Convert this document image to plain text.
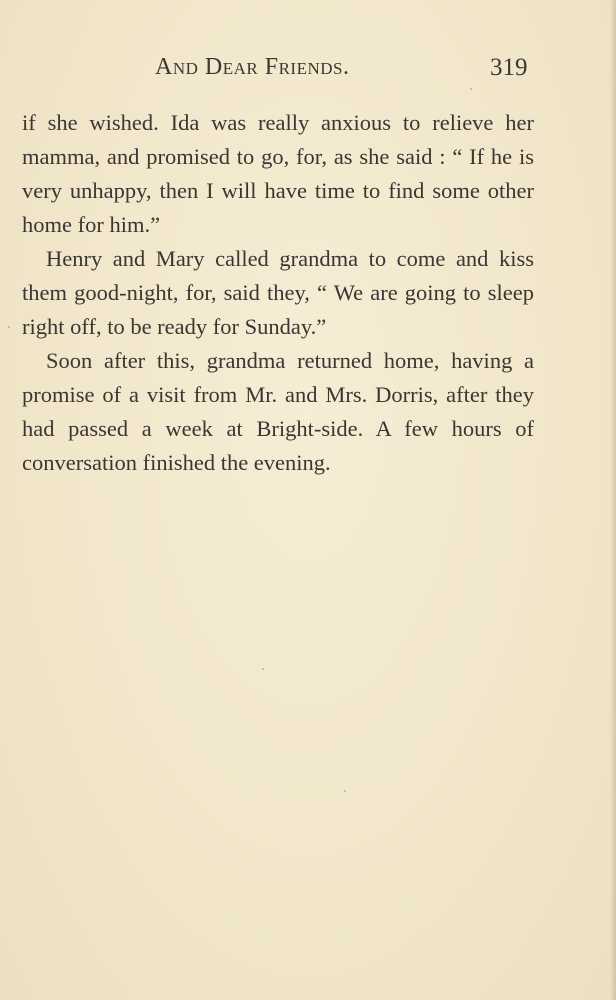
And Dear Friends.	319

if she wished. Ida was really anxious to relieve her mamma, and promised to go, for, as she said : “ If he is very unhappy, then I will have time to find some other home for him.”

Henry and Mary called grandma to come and kiss them good-night, for, said they, “ We are going to sleep right off, to be ready for Sunday.”

Soon after this, grandma returned home, having a promise of a visit from Mr. and Mrs. Dorris, after they had passed a week at Bright-side. A few hours of conversation finished the evening.
